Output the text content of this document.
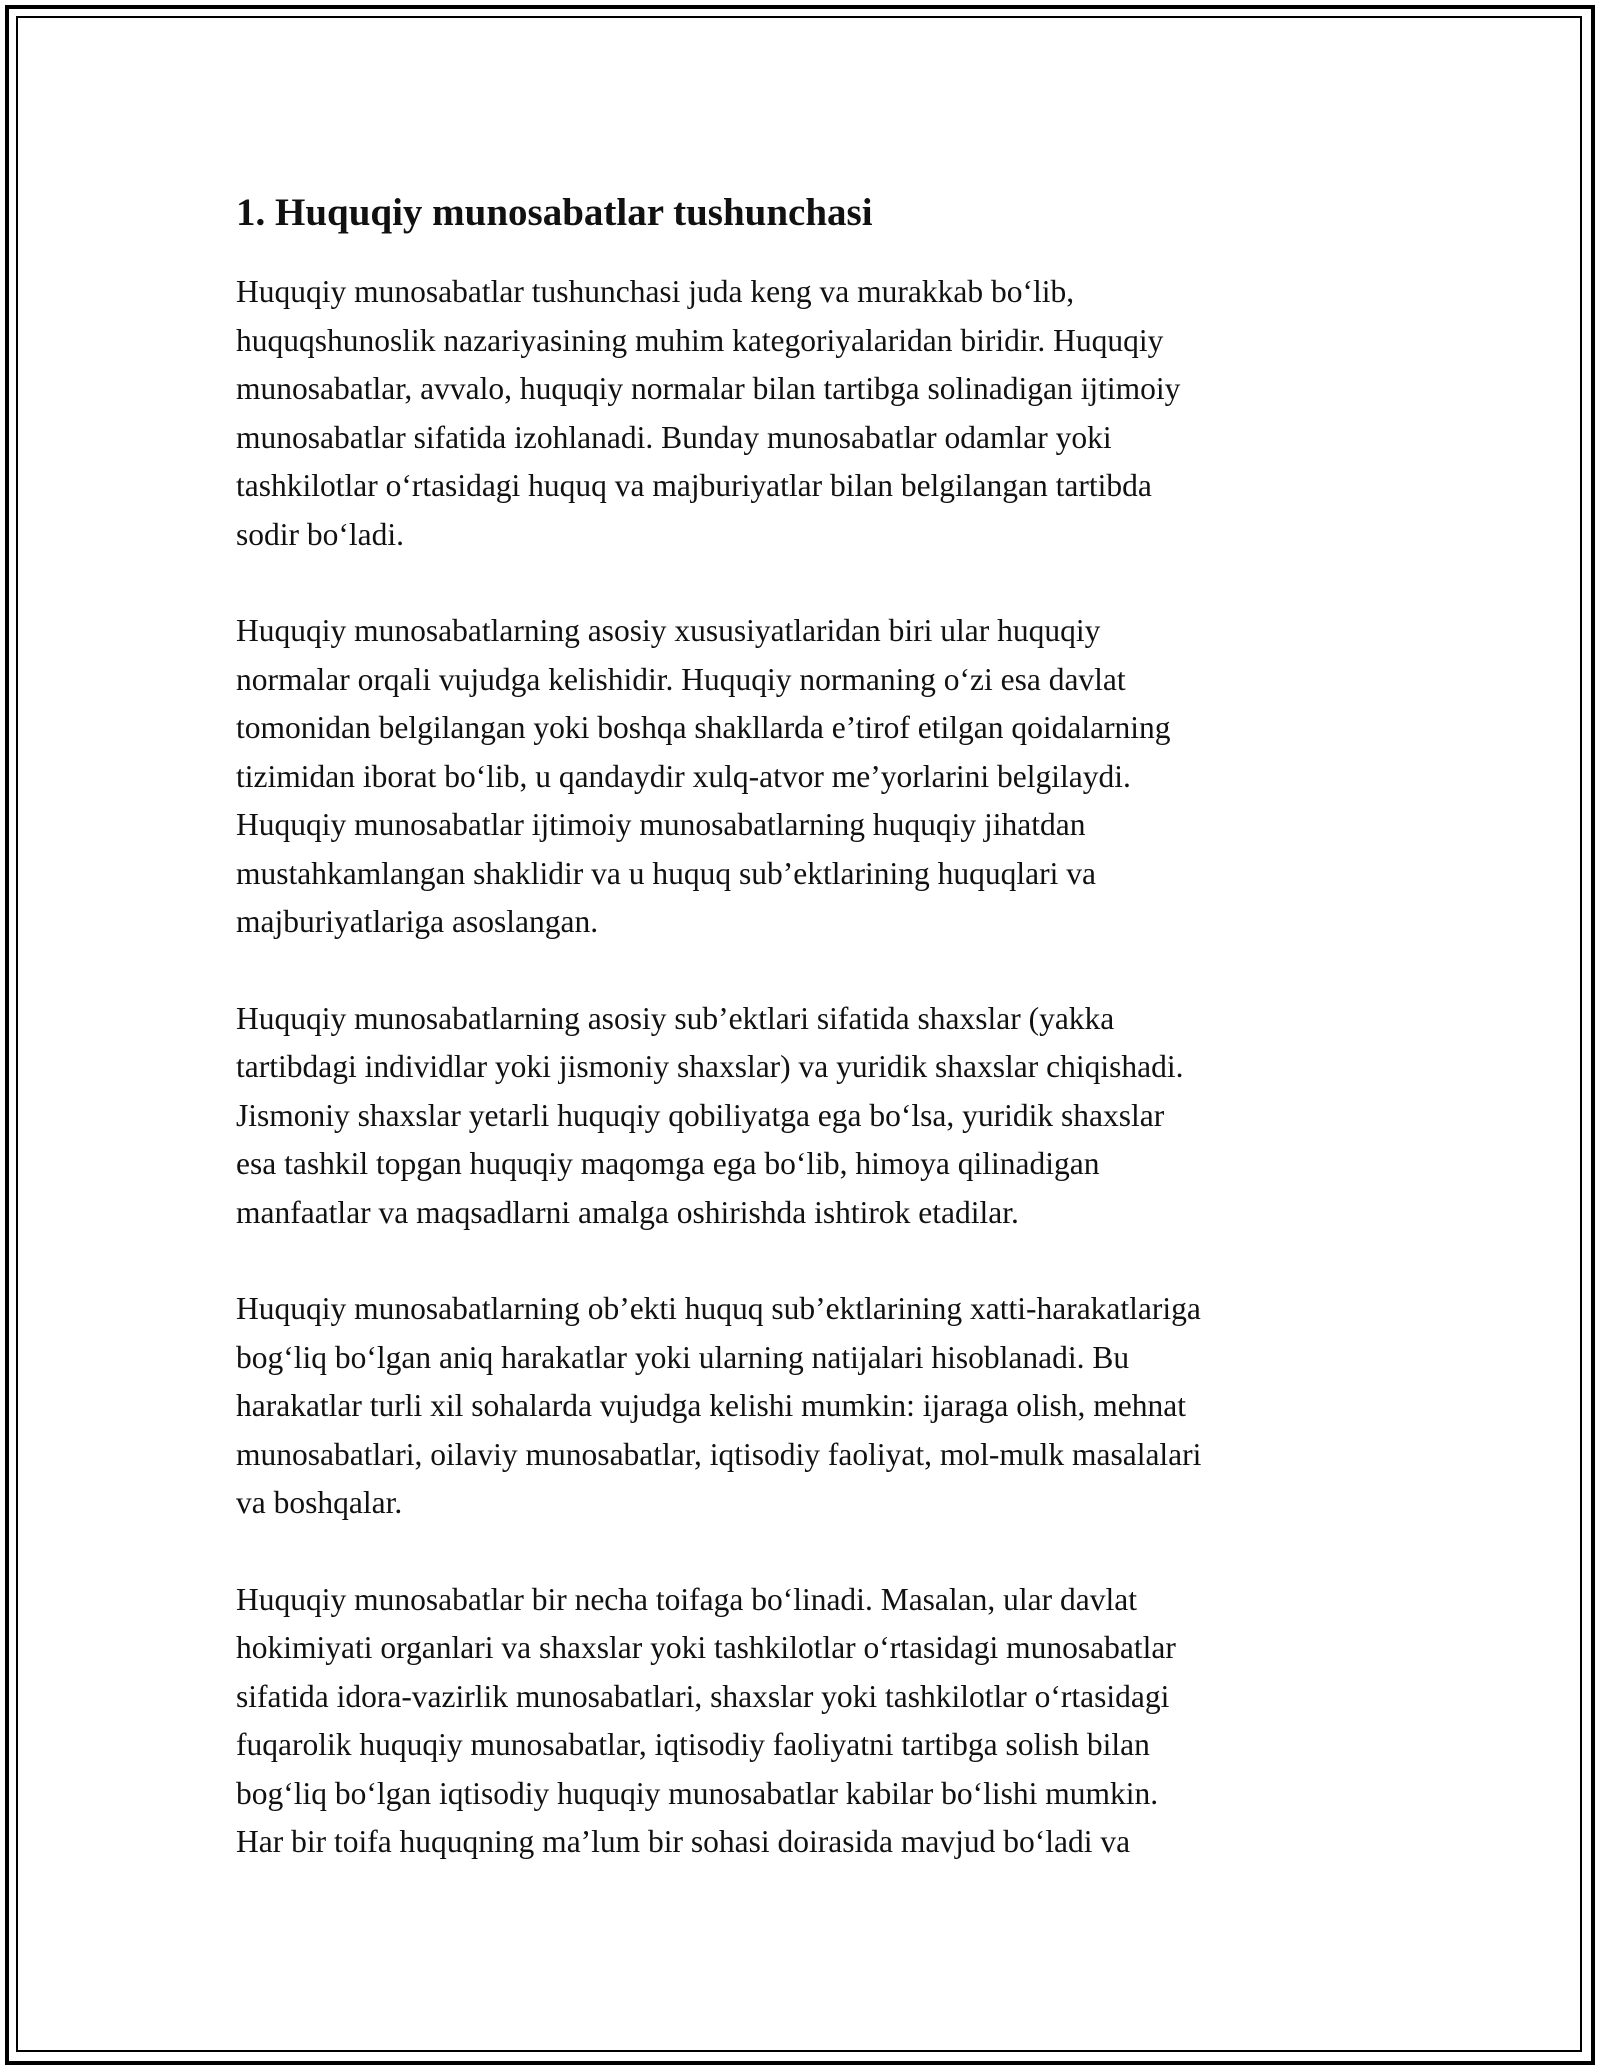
1. Huquqiy munosabatlar tushunchasi

Huquqiy munosabatlar tushunchasi juda keng va murakkab bo‘lib,
huquqshunoslik nazariyasining muhim kategoriyalaridan biridir. Huquqiy
munosabatlar, avvalo, huquqiy normalar bilan tartibga solinadigan ijtimoiy
munosabatlar sifatida izohlanadi. Bunday munosabatlar odamlar yoki
tashkilotlar o‘rtasidagi huquq va majburiyatlar bilan belgilangan tartibda
sodir bo‘ladi.

Huquqiy munosabatlarning asosiy xususiyatlaridan biri ular huquqiy
normalar orqali vujudga kelishidir. Huquqiy normaning o‘zi esa davlat
tomonidan belgilangan yoki boshqa shakllarda e’tirof etilgan qoidalarning
tizimidan iborat bo‘lib, u qandaydir xulq-atvor me’yorlarini belgilaydi.
Huquqiy munosabatlar ijtimoiy munosabatlarning huquqiy jihatdan
mustahkamlangan shaklidir va u huquq sub’ektlarining huquqlari va
majburiyatlariga asoslangan.

Huquqiy munosabatlarning asosiy sub’ektlari sifatida shaxslar (yakka
tartibdagi individlar yoki jismoniy shaxslar) va yuridik shaxslar chiqishadi.
Jismoniy shaxslar yetarli huquqiy qobiliyatga ega bo‘lsa, yuridik shaxslar
esa tashkil topgan huquqiy maqomga ega bo‘lib, himoya qilinadigan
manfaatlar va maqsadlarni amalga oshirishda ishtirok etadilar.

Huquqiy munosabatlarning ob’ekti huquq sub’ektlarining xatti-harakatlariga
bog‘liq bo‘lgan aniq harakatlar yoki ularning natijalari hisoblanadi. Bu
harakatlar turli xil sohalarda vujudga kelishi mumkin: ijaraga olish, mehnat
munosabatlari, oilaviy munosabatlar, iqtisodiy faoliyat, mol-mulk masalalari
va boshqalar.

Huquqiy munosabatlar bir necha toifaga bo‘linadi. Masalan, ular davlat
hokimiyati organlari va shaxslar yoki tashkilotlar o‘rtasidagi munosabatlar
sifatida idora-vazirlik munosabatlari, shaxslar yoki tashkilotlar o‘rtasidagi
fuqarolik huquqiy munosabatlar, iqtisodiy faoliyatni tartibga solish bilan
bog‘liq bo‘lgan iqtisodiy huquqiy munosabatlar kabilar bo‘lishi mumkin.
Har bir toifa huquqning ma’lum bir sohasi doirasida mavjud bo‘ladi va
